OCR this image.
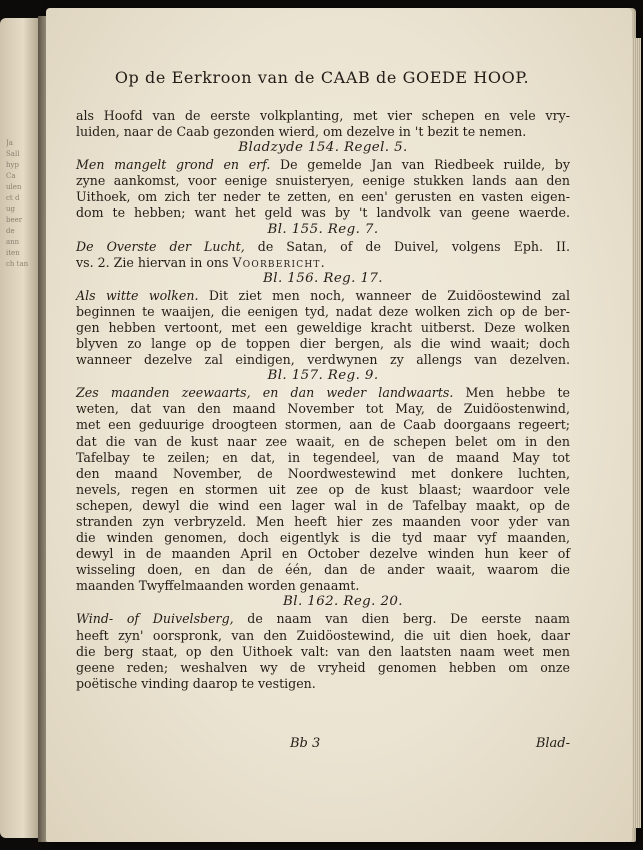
Ja
Sall
hyp
Ca
ulen
ct d
ug
beer
de
ann
iten
ch tan
Op de Eerkroon van de CAAB de GOEDE HOOP.
als Hoofd van de eerste volkplanting, met vier schepen en vele vry-
luiden, naar de Caab gezonden wierd, om dezelve in 't bezit te nemen.
Bladzyde 154. Regel. 5.
Men mangelt grond en erf. De gemelde Jan van Riedbeek ruilde, by
zyne aankomst, voor eenige snuisteryen, eenige stukken lands aan den
Uithoek, om zich ter neder te zetten, en een' gerusten en vasten eigen-
dom te hebben; want het geld was by 't landvolk van geene waerde.
Bl. 155. Reg. 7.
De Overste der Lucht, de Satan, of de Duivel, volgens Eph. II.
vs. 2. Zie hiervan in ons Voorbericht.
Bl. 156. Reg. 17.
Als witte wolken. Dit ziet men noch, wanneer de Zuidöostewind zal
beginnen te waaijen, die eenigen tyd, nadat deze wolken zich op de ber-
gen hebben vertoont, met een geweldige kracht uitberst. Deze wolken
blyven zo lange op de toppen dier bergen, als die wind waait; doch
wanneer dezelve zal eindigen, verdwynen zy allengs van dezelven.
Bl. 157. Reg. 9.
Zes maanden zeewaarts, en dan weder landwaarts. Men hebbe te
weten, dat van den maand November tot May, de Zuidöostenwind,
met een geduurige droogteen stormen, aan de Caab doorgaans regeert;
dat die van de kust naar zee waait, en de schepen belet om in den
Tafelbay te zeilen; en dat, in tegendeel, van de maand May tot
den maand November, de Noordwestewind met donkere luchten,
nevels, regen en stormen uit zee op de kust blaast; waardoor vele
schepen, dewyl die wind een lager wal in de Tafelbay maakt, op de
stranden zyn verbryzeld. Men heeft hier zes maanden voor yder van
die winden genomen, doch eigentlyk is die tyd maar vyf maanden,
dewyl in de maanden April en October dezelve winden hun keer of
wisseling doen, en dan de één, dan de ander waait, waarom die
maanden Twyffelmaanden worden genaamt.
Bl. 162. Reg. 20.
Wind- of Duivelsberg, de naam van dien berg. De eerste naam
heeft zyn' oorspronk, van den Zuidöostewind, die uit dien hoek, daar
die berg staat, op den Uithoek valt: van den laatsten naam weet men
geene reden; weshalven wy de vryheid genomen hebben om onze
poëtische vinding daarop te vestigen.
Bb 3	Blad-
